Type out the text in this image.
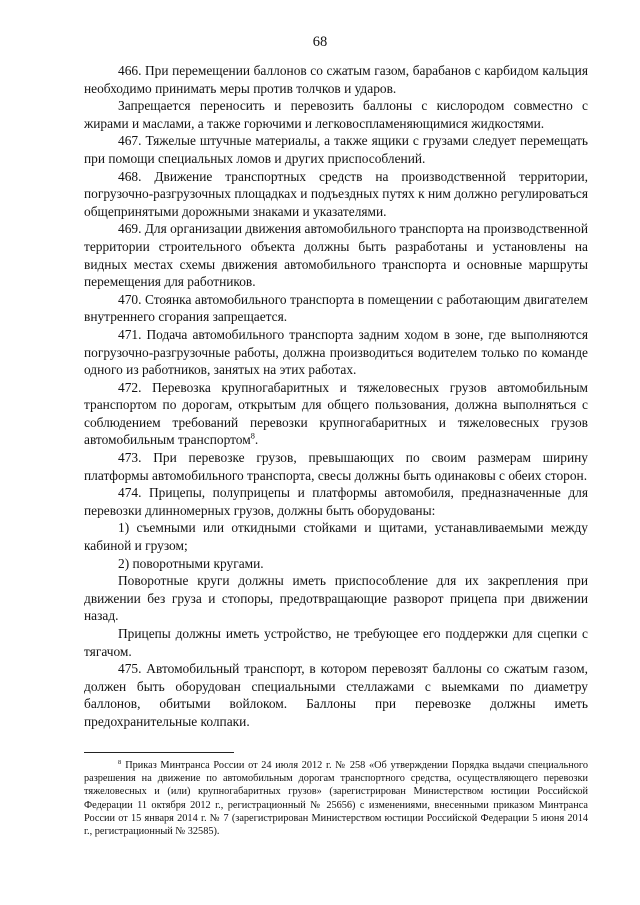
68

466. При перемещении баллонов со сжатым газом, барабанов с карбидом кальция необходимо принимать меры против толчков и ударов.

Запрещается переносить и перевозить баллоны с кислородом совместно с жирами и маслами, а также горючими и легковоспламеняющимися жидкостями.

467. Тяжелые штучные материалы, а также ящики с грузами следует перемещать при помощи специальных ломов и других приспособлений.

468. Движение транспортных средств на производственной территории, погрузочно-разгрузочных площадках и подъездных путях к ним должно регулироваться общепринятыми дорожными знаками и указателями.

469. Для организации движения автомобильного транспорта на производственной территории строительного объекта должны быть разработаны и установлены на видных местах схемы движения автомобильного транспорта и основные маршруты перемещения для работников.

470. Стоянка автомобильного транспорта в помещении с работающим двигателем внутреннего сгорания запрещается.

471. Подача автомобильного транспорта задним ходом в зоне, где выполняются погрузочно-разгрузочные работы, должна производиться водителем только по команде одного из работников, занятых на этих работах.

472. Перевозка крупногабаритных и тяжеловесных грузов автомобильным транспортом по дорогам, открытым для общего пользования, должна выполняться с соблюдением требований перевозки крупногабаритных и тяжеловесных грузов автомобильным транспортом$^8$.

473. При перевозке грузов, превышающих по своим размерам ширину платформы автомобильного транспорта, свесы должны быть одинаковы с обеих сторон.

474. Прицепы, полуприцепы и платформы автомобиля, предназначенные для перевозки длинномерных грузов, должны быть оборудованы:

1) съемными или откидными стойками и щитами, устанавливаемыми между кабиной и грузом;

2) поворотными кругами.

Поворотные круги должны иметь приспособление для их закрепления при движении без груза и стопоры, предотвращающие разворот прицепа при движении назад.

Прицепы должны иметь устройство, не требующее его поддержки для сцепки с тягачом.

475. Автомобильный транспорт, в котором перевозят баллоны со сжатым газом, должен быть оборудован специальными стеллажами с выемками по диаметру баллонов, обитыми войлоком. Баллоны при перевозке должны иметь предохранительные колпаки.

$^8$ Приказ Минтранса России от 24 июля 2012 г. № 258 «Об утверждении Порядка выдачи специального разрешения на движение по автомобильным дорогам транспортного средства, осуществляющего перевозки тяжеловесных и (или) крупногабаритных грузов» (зарегистрирован Министерством юстиции Российской Федерации 11 октября 2012 г., регистрационный № 25656) с изменениями, внесенными приказом Минтранса России от 15 января 2014 г. № 7 (зарегистрирован Министерством юстиции Российской Федерации 5 июня 2014 г., регистрационный № 32585).
